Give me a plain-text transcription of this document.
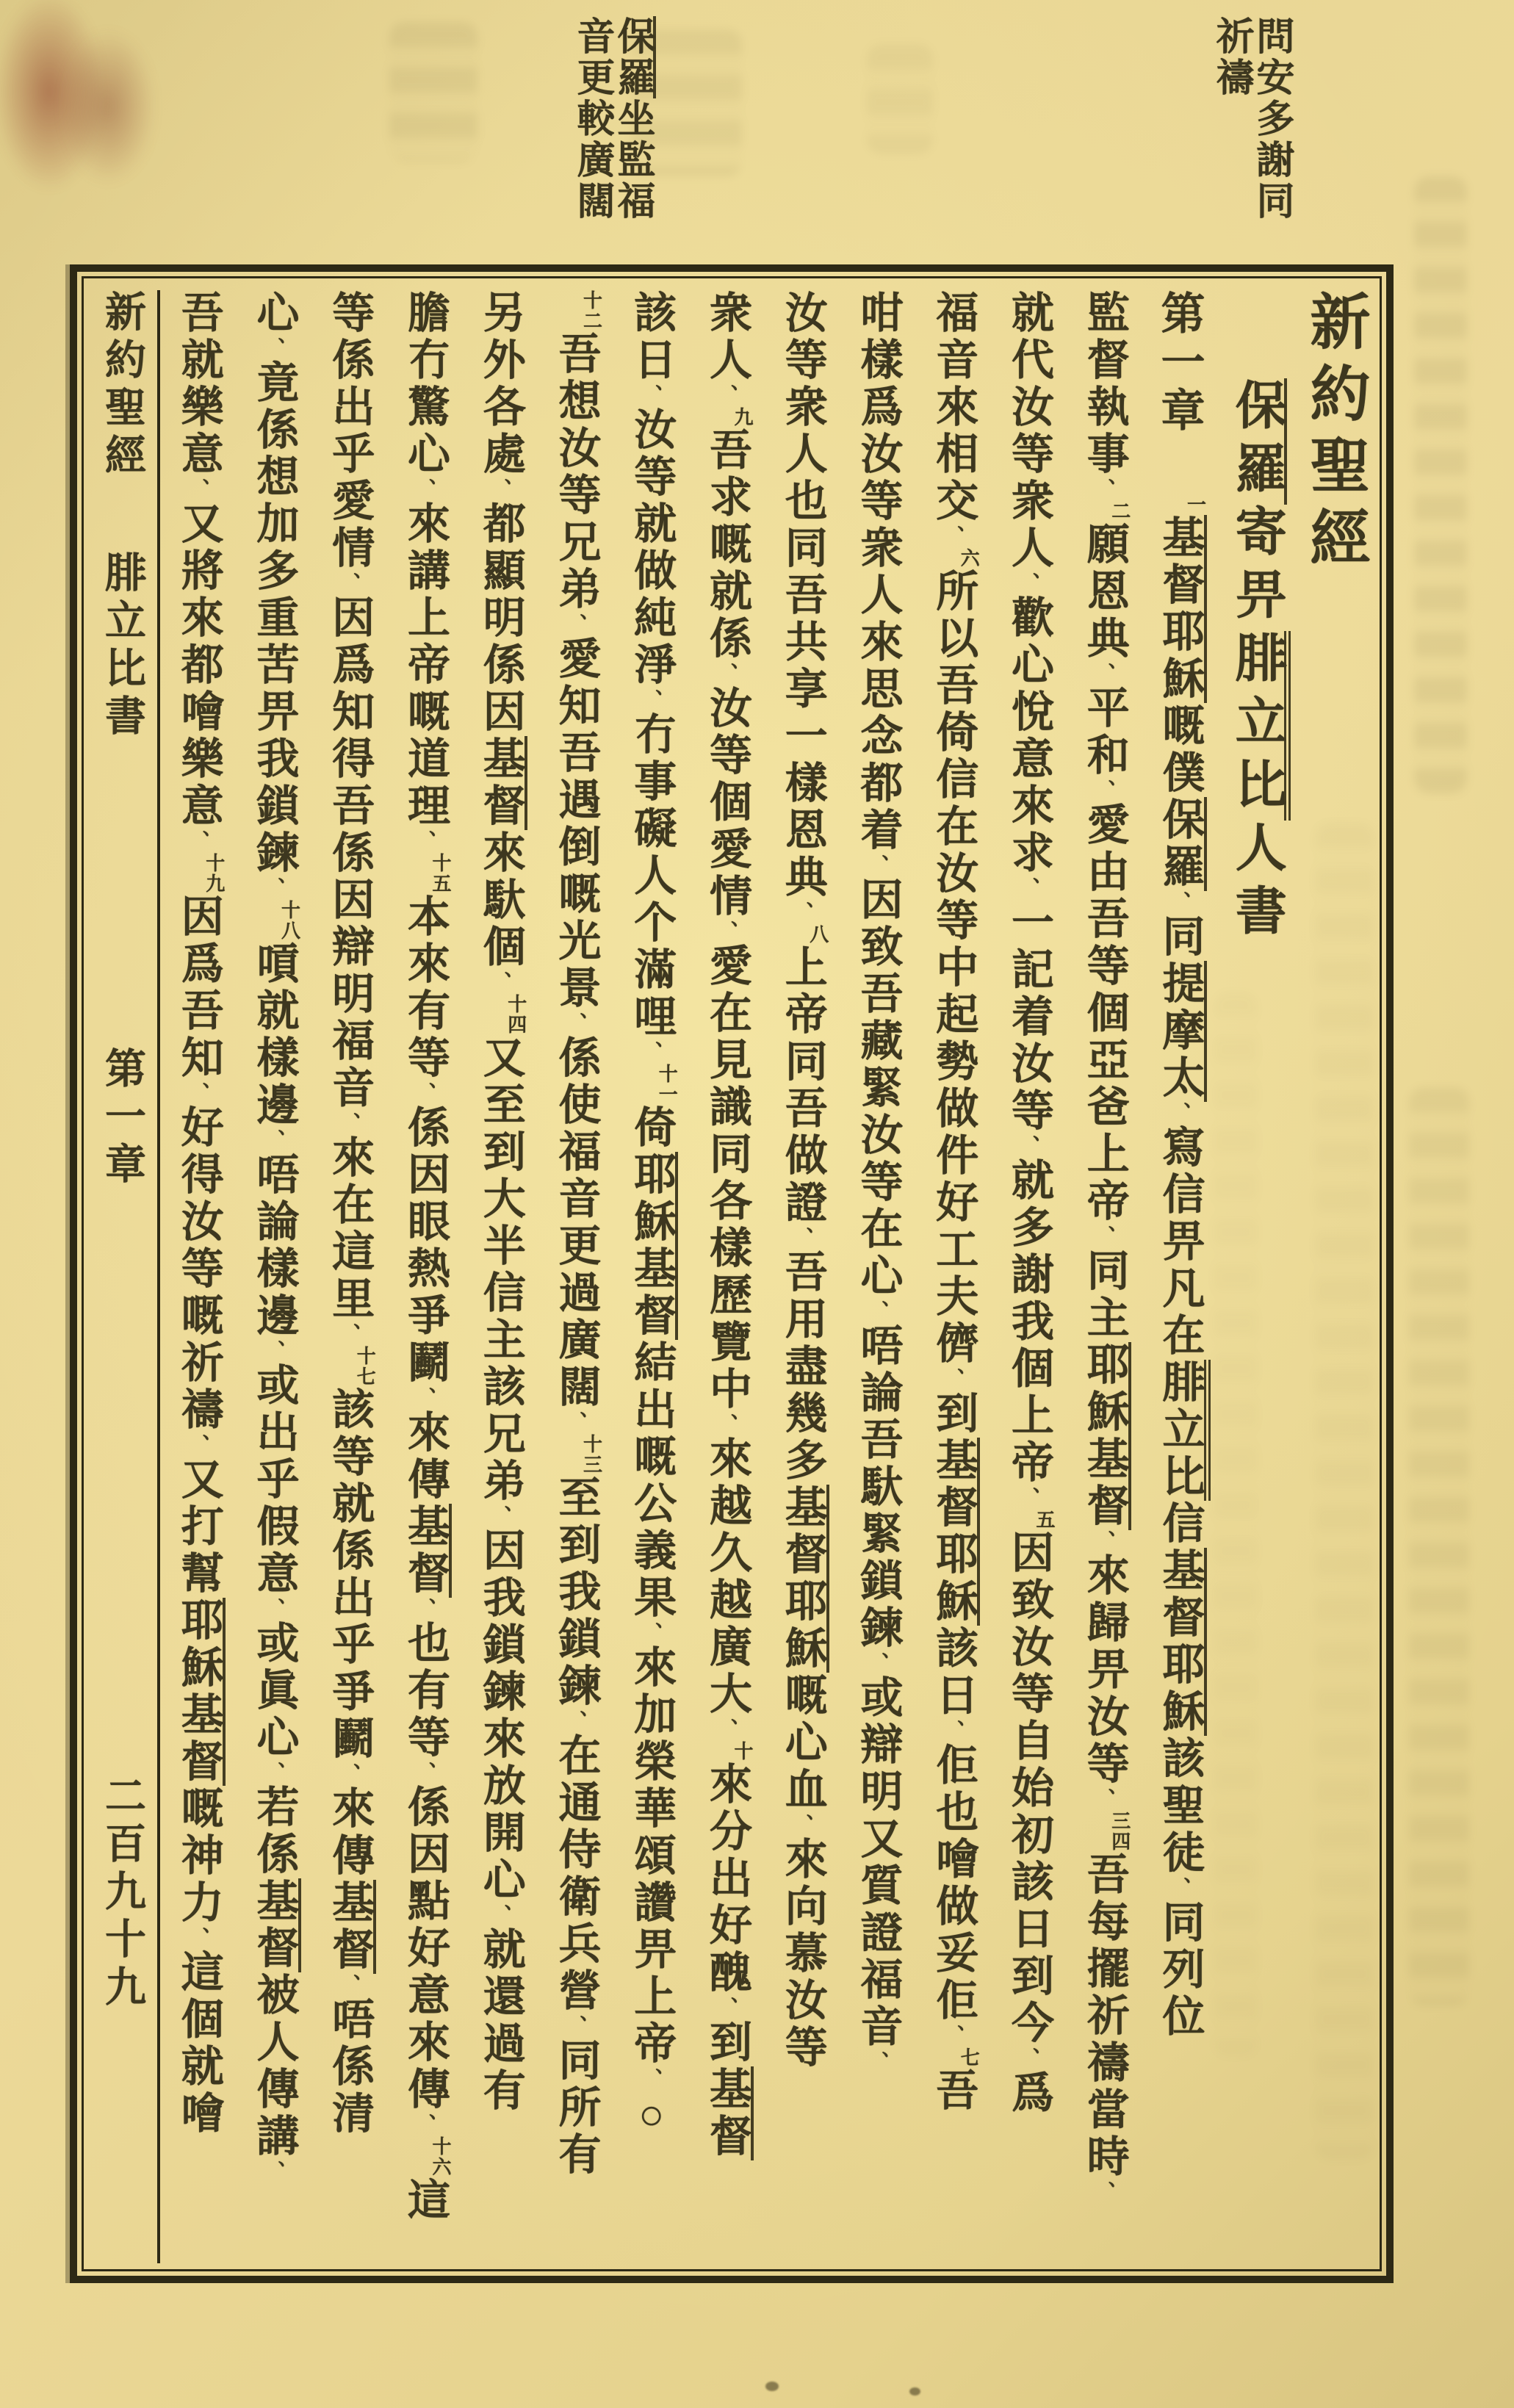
問安多謝同
祈禱
保羅坐監福
音更較廣闊
新約聖經
保羅寄畀腓立比人書
第一章一基督耶穌嘅僕保羅、同提摩太、寫信畀凡在腓立比信基督耶穌該聖徒、同列位
監督執事、二願恩典、平和、愛由吾等個亞爸上帝、同主耶穌基督、來歸畀汝等、三四吾每擺祈禱當時、
就代汝等衆人、歡心悅意來求、一記着汝等、就多謝我個上帝、五因致汝等自始初該日到今、爲
福音來相交、六所以吾倚信在汝等中起勢做件好工夫儕、到基督耶穌該日、佢也噲做妥佢、七吾
咁樣爲汝等衆人來思念都着、因致吾藏緊汝等在心、唔論吾馱緊鎖鍊、或辯明又質證福音、
汝等衆人也同吾共享一樣恩典、八上帝同吾做證、吾用盡幾多基督耶穌嘅心血、來向慕汝等
衆人、九吾求嘅就係、汝等個愛情、愛在見識同各樣歷覽中、來越久越廣大、十來分出好醜、到基督
該日、汝等就做純淨、冇事礙人个滿哩、十一倚耶穌基督結出嘅公義果、來加榮華頌讚畀上帝、○
十二吾想汝等兄弟、愛知吾遇倒嘅光景、係使福音更過廣闊、十三至到我鎖鍊、在通侍衛兵營、同所有
另外各處、都顯明係因基督來馱個、十四又至到大半信主該兄弟、因我鎖鍊來放開心、就還過有
膽冇驚心、來講上帝嘅道理、十五本來有等、係因眼熱爭鬬、來傳基督、也有等、係因點好意來傳、十六這
等係出乎愛情、因爲知得吾係因辯明福音、來在這里、十七該等就係出乎爭鬬、來傳基督、唔係清
心、竟係想加多重苦畀我鎖鍊、十八嗊就樣邊、唔論樣邊、或出乎假意、或眞心、若係基督被人傳講、
吾就樂意、又將來都噲樂意、十九因爲吾知、好得汝等嘅祈禱、又打幫耶穌基督嘅神力、這個就噲
新約聖經腓立比書第一章二百九十九
